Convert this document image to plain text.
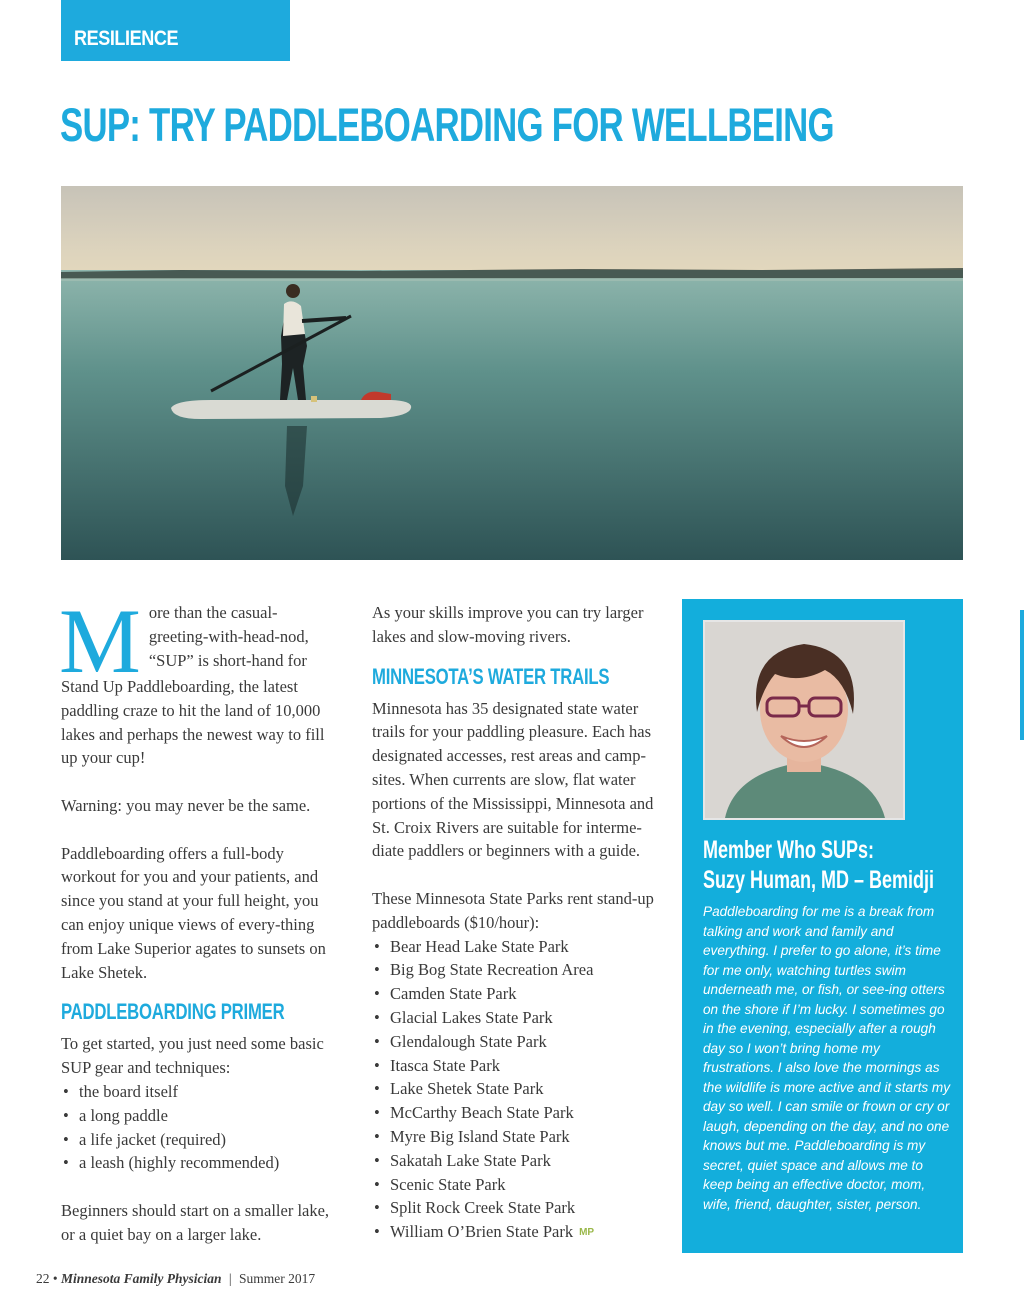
RESILIENCE
SUP: TRY PADDLEBOARDING FOR WELLBEING
M ore than the casual-
greeting-with-head-nod,
“SUP” is short-hand for

Stand Up Paddleboarding, the latest paddling craze to hit the land of 10,000 lakes and perhaps the newest way to fill up your cup!

Warning: you may never be the same.

Paddleboarding offers a full-body workout for you and your patients, and since you stand at your full height, you can enjoy unique views of every-thing from Lake Superior agates to sunsets on Lake Shetek.

PADDLEBOARDING PRIMER

To get started, you just need some basic SUP gear and techniques:

• the board itself
• a long paddle
• a life jacket (required)
• a leash (highly recommended)

Beginners should start on a smaller lake, or a quiet bay on a larger lake.

As your skills improve you can try larger lakes and slow-moving rivers.

MINNESOTA’S WATER TRAILS

Minnesota has 35 designated state water trails for your paddling pleasure. Each has designated accesses, rest areas and camp-sites. When currents are slow, flat water portions of the Mississippi, Minnesota and St. Croix Rivers are suitable for interme-diate paddlers or beginners with a guide.

These Minnesota State Parks rent stand-up paddleboards ($10/hour):

• Bear Head Lake State Park
• Big Bog State Recreation Area
• Camden State Park
• Glacial Lakes State Park
• Glendalough State Park
• Itasca State Park
• Lake Shetek State Park
• McCarthy Beach State Park
• Myre Big Island State Park
• Sakatah Lake State Park
• Scenic State Park
• Split Rock Creek State Park
• William O’Brien State Park MP
Member Who SUPs:
Suzy Human, MD – Bemidji

Paddleboarding for me is a break from talking and work and family and everything. I prefer to go alone, it’s time for me only, watching turtles swim underneath me, or fish, or see-ing otters on the shore if I’m lucky. I sometimes go in the evening, especially after a rough day so I won’t bring home my frustrations. I also love the mornings as the wildlife is more active and it starts my day so well. I can smile or frown or cry or laugh, depending on the day, and no one knows but me. Paddleboarding is my secret, quiet space and allows me to keep being an effective doctor, mom, wife, friend, daughter, sister, person.

22 • Minnesota Family Physician | Summer 2017
